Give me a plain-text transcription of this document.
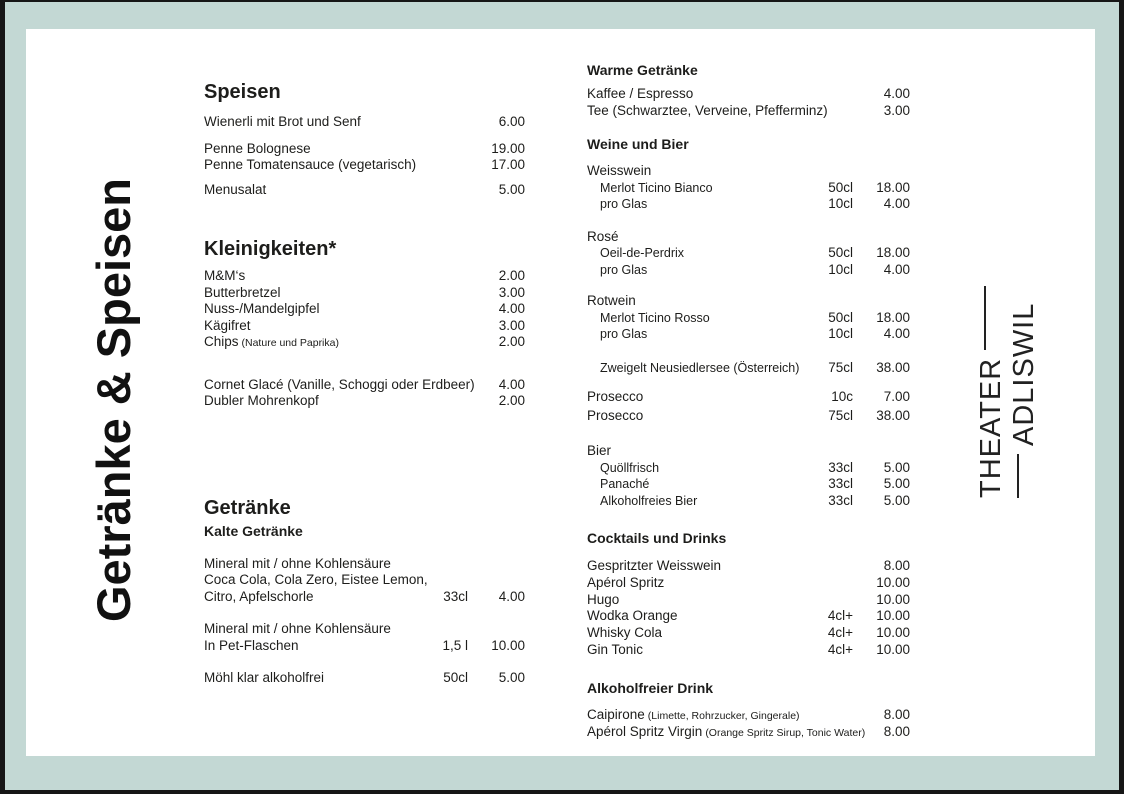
Getränke & Speisen	THEATER ADLISWIL
Speisen
Wienerli mit Brot und Senf	6.00
Penne Bolognese	19.00
Penne Tomatensauce (vegetarisch)	17.00
Menusalat	5.00
Kleinigkeiten*
M&M‘s	2.00
Butterbretzel	3.00
Nuss-/Mandelgipfel	4.00
Kägifret	3.00
Chips (Nature und Paprika)	2.00
Cornet Glacé (Vanille, Schoggi oder Erdbeer)	4.00
Dubler Mohrenkopf	2.00
Getränke
Kalte Getränke
Mineral mit / ohne Kohlensäure
Coca Cola, Cola Zero, Eistee Lemon,
Citro, Apfelschorle	33cl	4.00
Mineral mit / ohne Kohlensäure
In Pet-Flaschen	1,5 l	10.00
Möhl klar alkoholfrei	50cl	5.00
Warme Getränke
Kaffee / Espresso	4.00
Tee (Schwarztee, Verveine, Pfefferminz)	3.00
Weine und Bier
Weisswein
Merlot Ticino Bianco	50cl	18.00
pro Glas	10cl	4.00
Rosé
Oeil-de-Perdrix	50cl	18.00
pro Glas	10cl	4.00
Rotwein
Merlot Ticino Rosso	50cl	18.00
pro Glas	10cl	4.00
Zweigelt Neusiedlersee (Österreich)	75cl	38.00
Prosecco	10c	7.00
Prosecco	75cl	38.00
Bier
Quöllfrisch	33cl	5.00
Panaché	33cl	5.00
Alkoholfreies Bier	33cl	5.00
Cocktails und Drinks
Gespritzter Weisswein	8.00
Apérol Spritz	10.00
Hugo	10.00
Wodka Orange	4cl+	10.00
Whisky Cola	4cl+	10.00
Gin Tonic	4cl+	10.00
Alkoholfreier Drink
Caipirone (Limette, Rohrzucker, Gingerale)	8.00
Apérol Spritz Virgin (Orange Spritz Sirup, Tonic Water)	8.00
